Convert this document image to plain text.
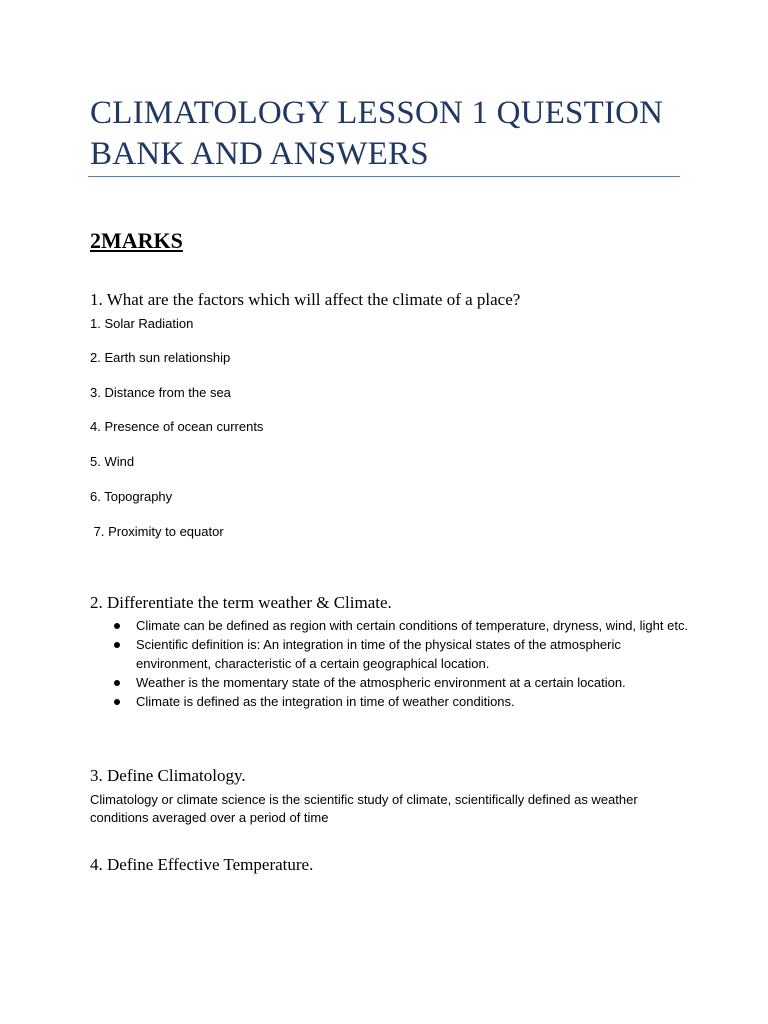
CLIMATOLOGY LESSON 1 QUESTION
BANK AND ANSWERS
2MARKS

1. What are the factors which will affect the climate of a place?

1. Solar Radiation

2. Earth sun relationship

3. Distance from the sea

4. Presence of ocean currents

5. Wind

6. Topography

7. Proximity to equator

2. Differentiate the term weather & Climate.

Climate can be defined as region with certain conditions of temperature, dryness, wind, light etc.
Scientific definition is: An integration in time of the physical states of the atmospheric environment, characteristic of a certain geographical location.
Weather is the momentary state of the atmospheric environment at a certain location.
Climate is defined as the integration in time of weather conditions.

3. Define Climatology.

Climatology or climate science is the scientific study of climate, scientifically defined as weather conditions averaged over a period of time

4. Define Effective Temperature.
